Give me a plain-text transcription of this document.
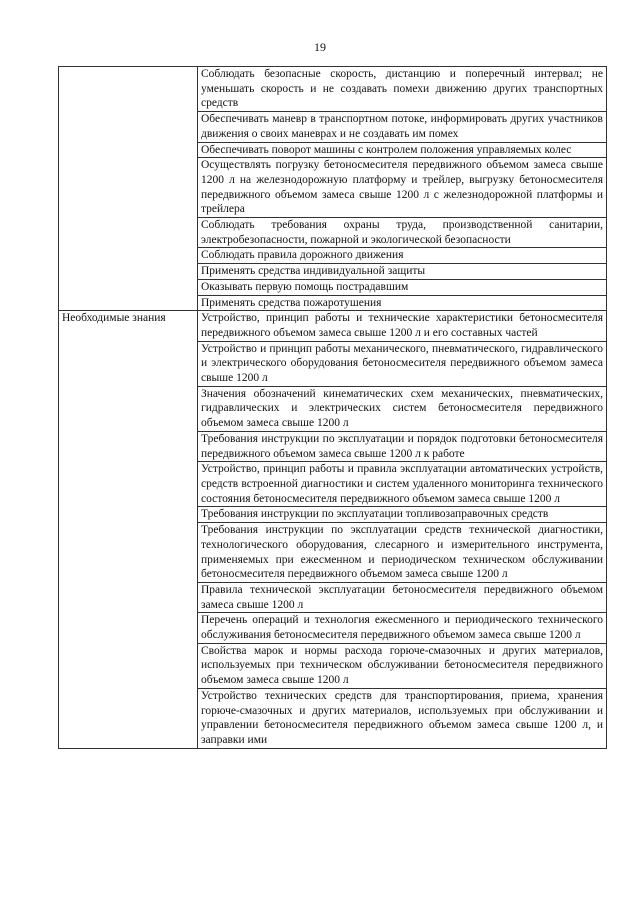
19
	Соблюдать безопасные скорость, дистанцию и поперечный интервал; не уменьшать скорость и не создавать помехи движению других транспортных средств
	Обеспечивать маневр в транспортном потоке, информировать других участников движения о своих маневрах и не создавать им помех
	Обеспечивать поворот машины с контролем положения управляемых колес
	Осуществлять погрузку бетоносмесителя передвижного объемом замеса свыше 1200 л на железнодорожную платформу и трейлер, выгрузку бетоносмесителя передвижного объемом замеса свыше 1200 л с железнодорожной платформы и трейлера
	Соблюдать требования охраны труда, производственной санитарии, электробезопасности, пожарной и экологической безопасности
	Соблюдать правила дорожного движения
	Применять средства индивидуальной защиты
	Оказывать первую помощь пострадавшим
	Применять средства пожаротушения
Необходимые знания	Устройство, принцип работы и технические характеристики бетоносмесителя передвижного объемом замеса свыше 1200 л и его составных частей
	Устройство и принцип работы механического, пневматического, гидравлического и электрического оборудования бетоносмесителя передвижного объемом замеса свыше 1200 л
	Значения обозначений кинематических схем механических, пневматических, гидравлических и электрических систем бетоносмесителя передвижного объемом замеса свыше 1200 л
	Требования инструкции по эксплуатации и порядок подготовки бетоносмесителя передвижного объемом замеса свыше 1200 л к работе
	Устройство, принцип работы и правила эксплуатации автоматических устройств, средств встроенной диагностики и систем удаленного мониторинга технического состояния бетоносмесителя передвижного объемом замеса свыше 1200 л
	Требования инструкции по эксплуатации топливозаправочных средств
	Требования инструкции по эксплуатации средств технической диагностики, технологического оборудования, слесарного и измерительного инструмента, применяемых при ежесменном и периодическом техническом обслуживании бетоносмесителя передвижного объемом замеса свыше 1200 л
	Правила технической эксплуатации бетоносмесителя передвижного объемом замеса свыше 1200 л
	Перечень операций и технология ежесменного и периодического технического обслуживания бетоносмесителя передвижного объемом замеса свыше 1200 л
	Свойства марок и нормы расхода горюче-смазочных и других материалов, используемых при техническом обслуживании бетоносмесителя передвижного объемом замеса свыше 1200 л
	Устройство технических средств для транспортирования, приема, хранения горюче-смазочных и других материалов, используемых при обслуживании и управлении бетоносмесителя передвижного объемом замеса свыше 1200 л, и заправки ими
